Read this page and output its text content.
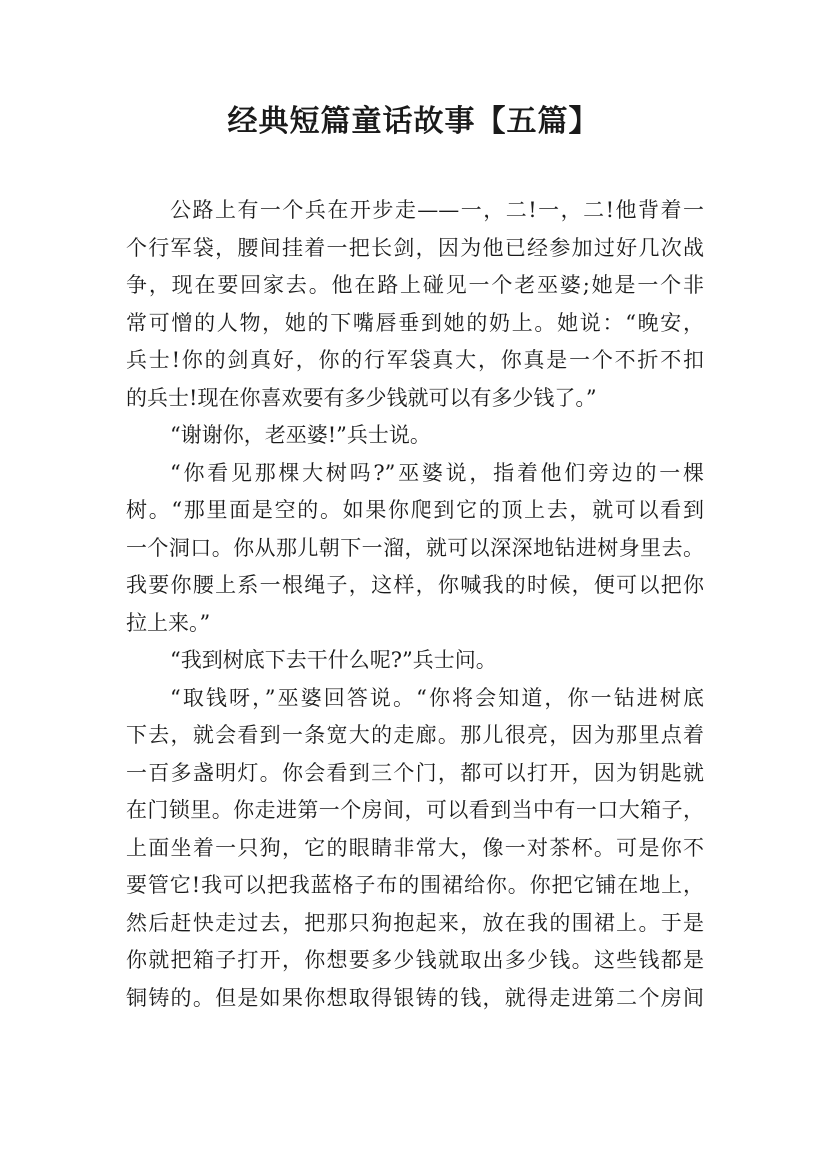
经典短篇童话故事【五篇】
公路上有一个兵在开步走——一，二!一，二!他背着一
个行军袋，腰间挂着一把长剑，因为他已经参加过好几次战
争，现在要回家去。他在路上碰见一个老巫婆;她是一个非
常可憎的人物，她的下嘴唇垂到她的奶上。她说：“晚安，
兵士!你的剑真好，你的行军袋真大，你真是一个不折不扣
的兵士!现在你喜欢要有多少钱就可以有多少钱了。”
“谢谢你，老巫婆!”兵士说。
“你看见那棵大树吗?”巫婆说，指着他们旁边的一棵
树。“那里面是空的。如果你爬到它的顶上去，就可以看到
一个洞口。你从那儿朝下一溜，就可以深深地钻进树身里去。
我要你腰上系一根绳子，这样，你喊我的时候，便可以把你
拉上来。”
“我到树底下去干什么呢?”兵士问。
“取钱呀，”巫婆回答说。“你将会知道，你一钻进树底
下去，就会看到一条宽大的走廊。那儿很亮，因为那里点着
一百多盏明灯。你会看到三个门，都可以打开，因为钥匙就
在门锁里。你走进第一个房间，可以看到当中有一口大箱子，
上面坐着一只狗，它的眼睛非常大，像一对茶杯。可是你不
要管它!我可以把我蓝格子布的围裙给你。你把它铺在地上，
然后赶快走过去，把那只狗抱起来，放在我的围裙上。于是
你就把箱子打开，你想要多少钱就取出多少钱。这些钱都是
铜铸的。但是如果你想取得银铸的钱，就得走进第二个房间
